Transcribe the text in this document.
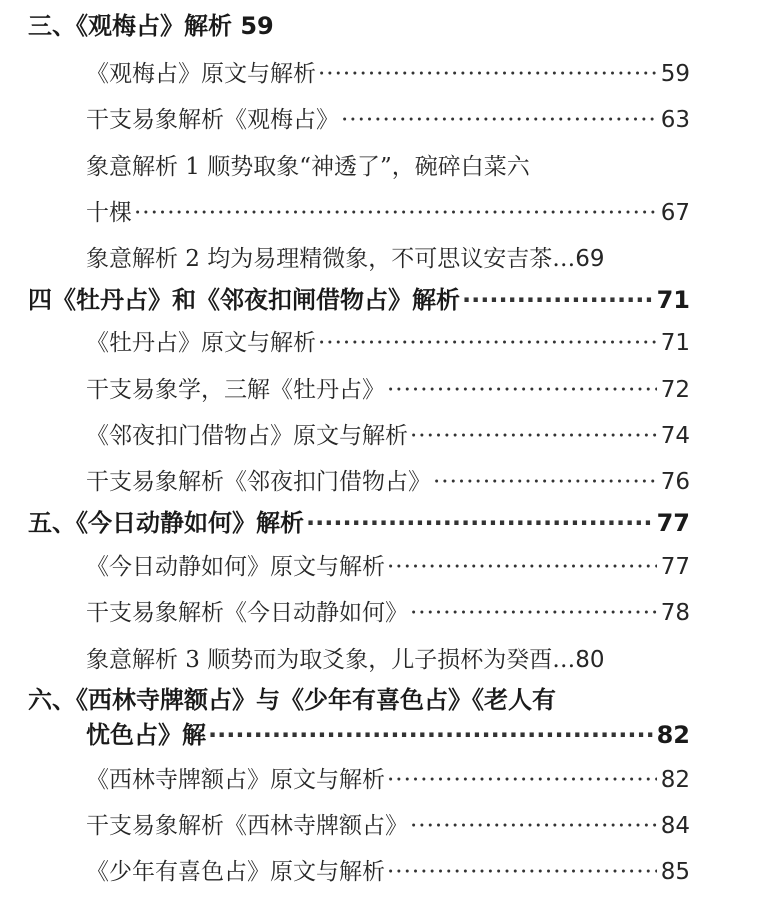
三、《观梅占》解析 59
《观梅占》原文与解析 ·····	59
干支易象解析《观梅占》 ·····	63
象意解析 1 顺势取象“神透了”，碗碎白菜六
十棵 ·····	67
象意解析 2 均为易理精微象，不可思议安吉茶… 69
四《牡丹占》和《邻夜扣闸借物占》解析 ·····	71
《牡丹占》原文与解析 ·····	71
干支易象学，三解《牡丹占》 ·····	72
《邻夜扣门借物占》原文与解析 ·····	74
干支易象解析《邻夜扣门借物占》 ·····	76
五、《今日动静如何》解析 ·····	77
《今日动静如何》原文与解析 ·····	77
干支易象解析《今日动静如何》 ·····	78
象意解析 3 顺势而为取爻象，儿子损杯为癸酉… 80
六、《西林寺牌额占》与《少年有喜色占》《老人有
忧色占》解 ·····	82
《西林寺牌额占》原文与解析 ·····	82
干支易象解析《西林寺牌额占》 ·····	84
《少年有喜色占》原文与解析 ·····	85
